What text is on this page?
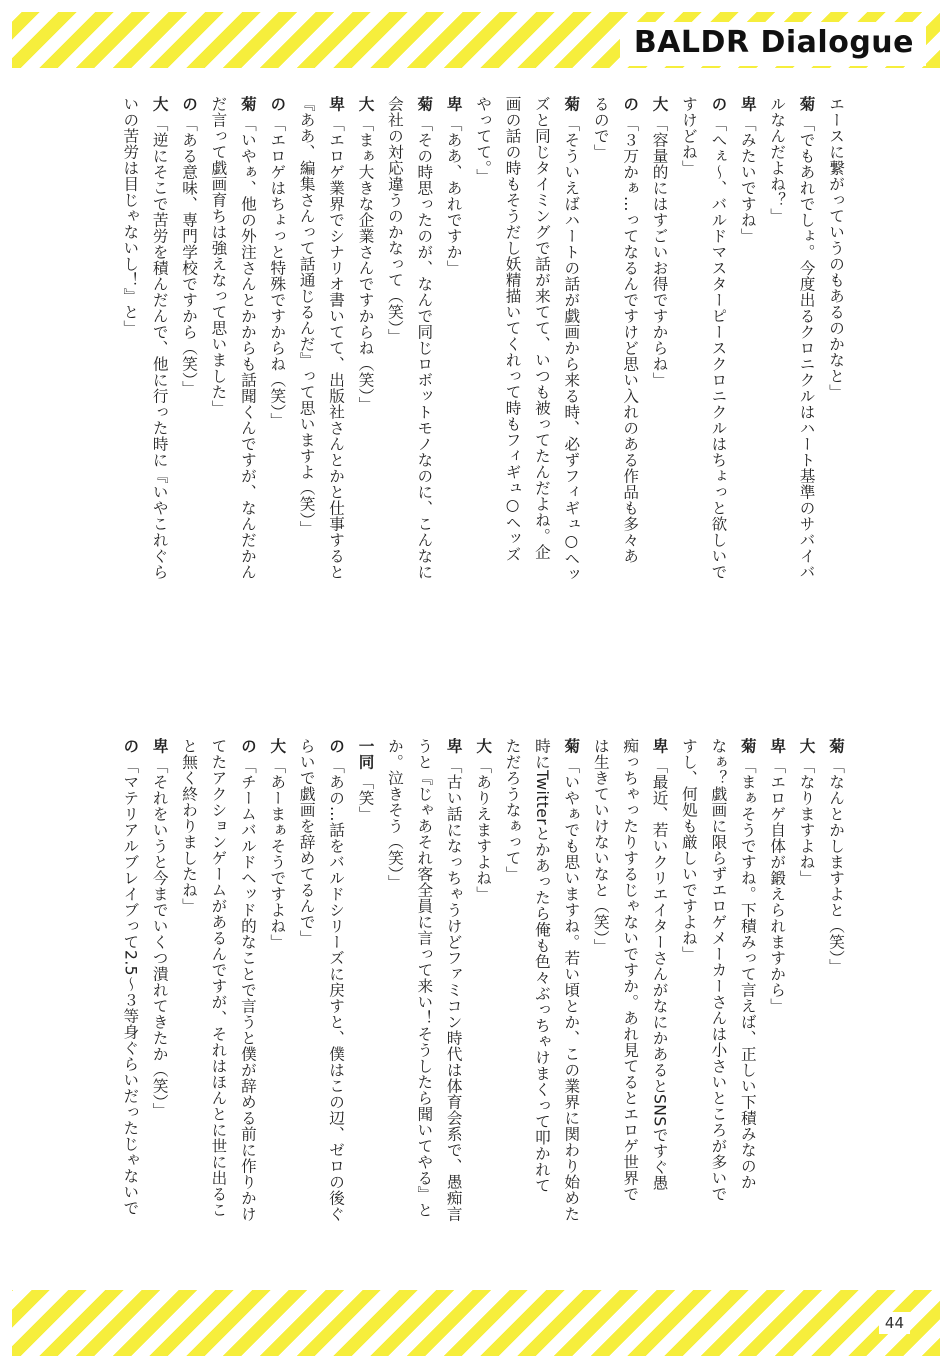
BALDR Dialogue
エースに繋がっていうのもあるのかなと」
菊「でもあれでしょ。今度出るクロニクルはハート基準のサバイバ
ルなんだよね？」
卑「みたいですね」
の「へぇ～、バルドマスターピースクロニクルはちょっと欲しいで
すけどね」
大「容量的にはすごいお得ですからね」
の「３万かぁ…ってなるんですけど思い入れのある作品も多々あ
るので」
菊「そういえばハートの話が戯画から来る時、必ずフィギュ○ヘッ
ズと同じタイミングで話が来てて、いつも被ってたんだよね。企
画の話の時もそうだし妖精描いてくれって時もフィギュ○ヘッズ
やってて。」
卑「ああ、あれですか」
菊「その時思ったのが、なんで同じロボットモノなのに、こんなに
会社の対応違うのかなって（笑）」
大「まぁ大きな企業さんですからね（笑）」
卑「エロゲ業界でシナリオ書いてて、出版社さんとかと仕事すると
『ああ、編集さんって話通じるんだ』って思いますよ（笑）」
の「エロゲはちょっと特殊ですからね（笑）」
菊「いやぁ、他の外注さんとかからも話聞くんですが、なんだかん
だ言って戯画育ちは強えなって思いました」
の「ある意味、専門学校ですから（笑）」
大「逆にそこで苦労を積んだんで、他に行った時に『いやこれぐら
いの苦労は目じゃないし！』と」
菊「なんとかしますよと（笑）」
大「なりますよね」
卑「エロゲ自体が鍛えられますから」
菊「まぁそうですね。下積みって言えば、正しい下積みなのか
なぁ？戯画に限らずエロゲメーカーさんは小さいところが多いで
すし、何処も厳しいですよね」
卑「最近、若いクリエイターさんがなにかあるとSNSですぐ愚
痴っちゃったりするじゃないですか。あれ見てるとエロゲ世界で
は生きていけないなと（笑）」
菊「いやぁでも思いますね。若い頃とか、この業界に関わり始めた
時にTwitterとかあったら俺も色々ぶっちゃけまくって叩かれて
ただろうなぁって」
大「ありえますよね」
卑「古い話になっちゃうけどファミコン時代は体育会系で、愚痴言
うと『じゃあそれ客全員に言って来い！そうしたら聞いてやる』と
か。泣きそう（笑）」
一同「笑」
の「あの…話をバルドシリーズに戻すと、僕はこの辺、ゼロの後ぐ
らいで戯画を辞めてるんで」
大「あーまぁそうですよね」
の「チームバルドヘッド的なことで言うと僕が辞める前に作りかけ
てたアクションゲームがあるんですが、それはほんとに世に出るこ
と無く終わりましたね」
卑「それをいうと今までいくつ潰れてきたか（笑）」
の「マテリアルブレイブって2.5～３等身ぐらいだったじゃないで
44
